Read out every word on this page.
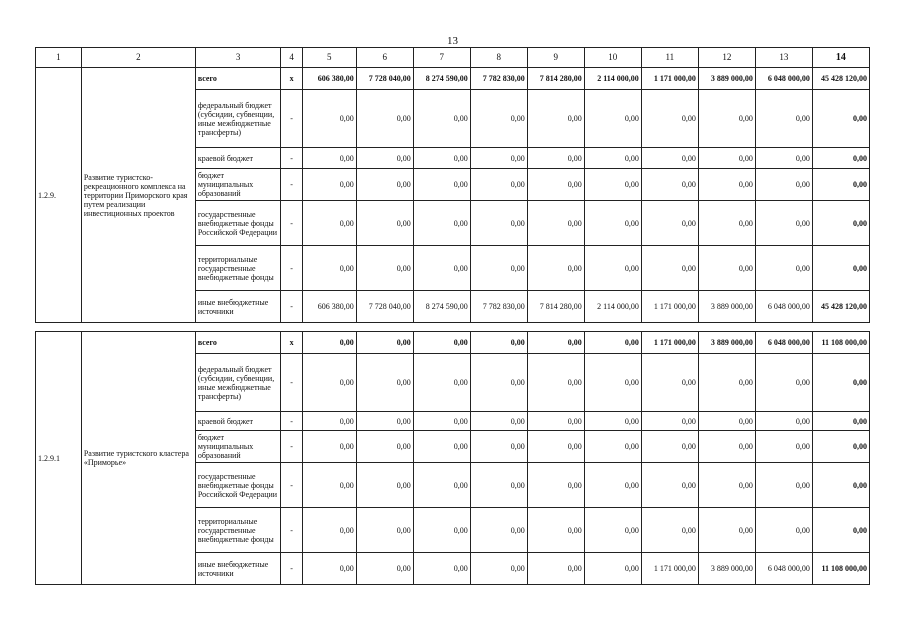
13
1	2	3	4	5	6	7	8	9	10	11	12	13	14
1.2.9.	Развитие туристско-рекреационного комплекса на территории Приморского края путем реализации инвестиционных проектов	всего	х	606 380,00	7 728 040,00	8 274 590,00	7 782 830,00	7 814 280,00	2 114 000,00	1 171 000,00	3 889 000,00	6 048 000,00	45 428 120,00
		федеральный бюджет (субсидии, субвенции, иные межбюджетные трансферты)	-	0,00	0,00	0,00	0,00	0,00	0,00	0,00	0,00	0,00	0,00
		краевой бюджет	-	0,00	0,00	0,00	0,00	0,00	0,00	0,00	0,00	0,00	0,00
		бюджет муниципальных образований	-	0,00	0,00	0,00	0,00	0,00	0,00	0,00	0,00	0,00	0,00
		государственные внебюджетные фонды Российской Федерации	-	0,00	0,00	0,00	0,00	0,00	0,00	0,00	0,00	0,00	0,00
		территориальные государственные внебюджетные фонды	-	0,00	0,00	0,00	0,00	0,00	0,00	0,00	0,00	0,00	0,00
		иные внебюджетные источники	-	606 380,00	7 728 040,00	8 274 590,00	7 782 830,00	7 814 280,00	2 114 000,00	1 171 000,00	3 889 000,00	6 048 000,00	45 428 120,00

1.2.9.1	Развитие туристского кластера «Приморье»	всего	х	0,00	0,00	0,00	0,00	0,00	0,00	1 171 000,00	3 889 000,00	6 048 000,00	11 108 000,00
		федеральный бюджет (субсидии, субвенции, иные межбюджетные трансферты)	-	0,00	0,00	0,00	0,00	0,00	0,00	0,00	0,00	0,00	0,00
		краевой бюджет	-	0,00	0,00	0,00	0,00	0,00	0,00	0,00	0,00	0,00	0,00
		бюджет муниципальных образований	-	0,00	0,00	0,00	0,00	0,00	0,00	0,00	0,00	0,00	0,00
		государственные внебюджетные фонды Российской Федерации	-	0,00	0,00	0,00	0,00	0,00	0,00	0,00	0,00	0,00	0,00
		территориальные государственные внебюджетные фонды	-	0,00	0,00	0,00	0,00	0,00	0,00	0,00	0,00	0,00	0,00
		иные внебюджетные источники	-	0,00	0,00	0,00	0,00	0,00	0,00	1 171 000,00	3 889 000,00	6 048 000,00	11 108 000,00
